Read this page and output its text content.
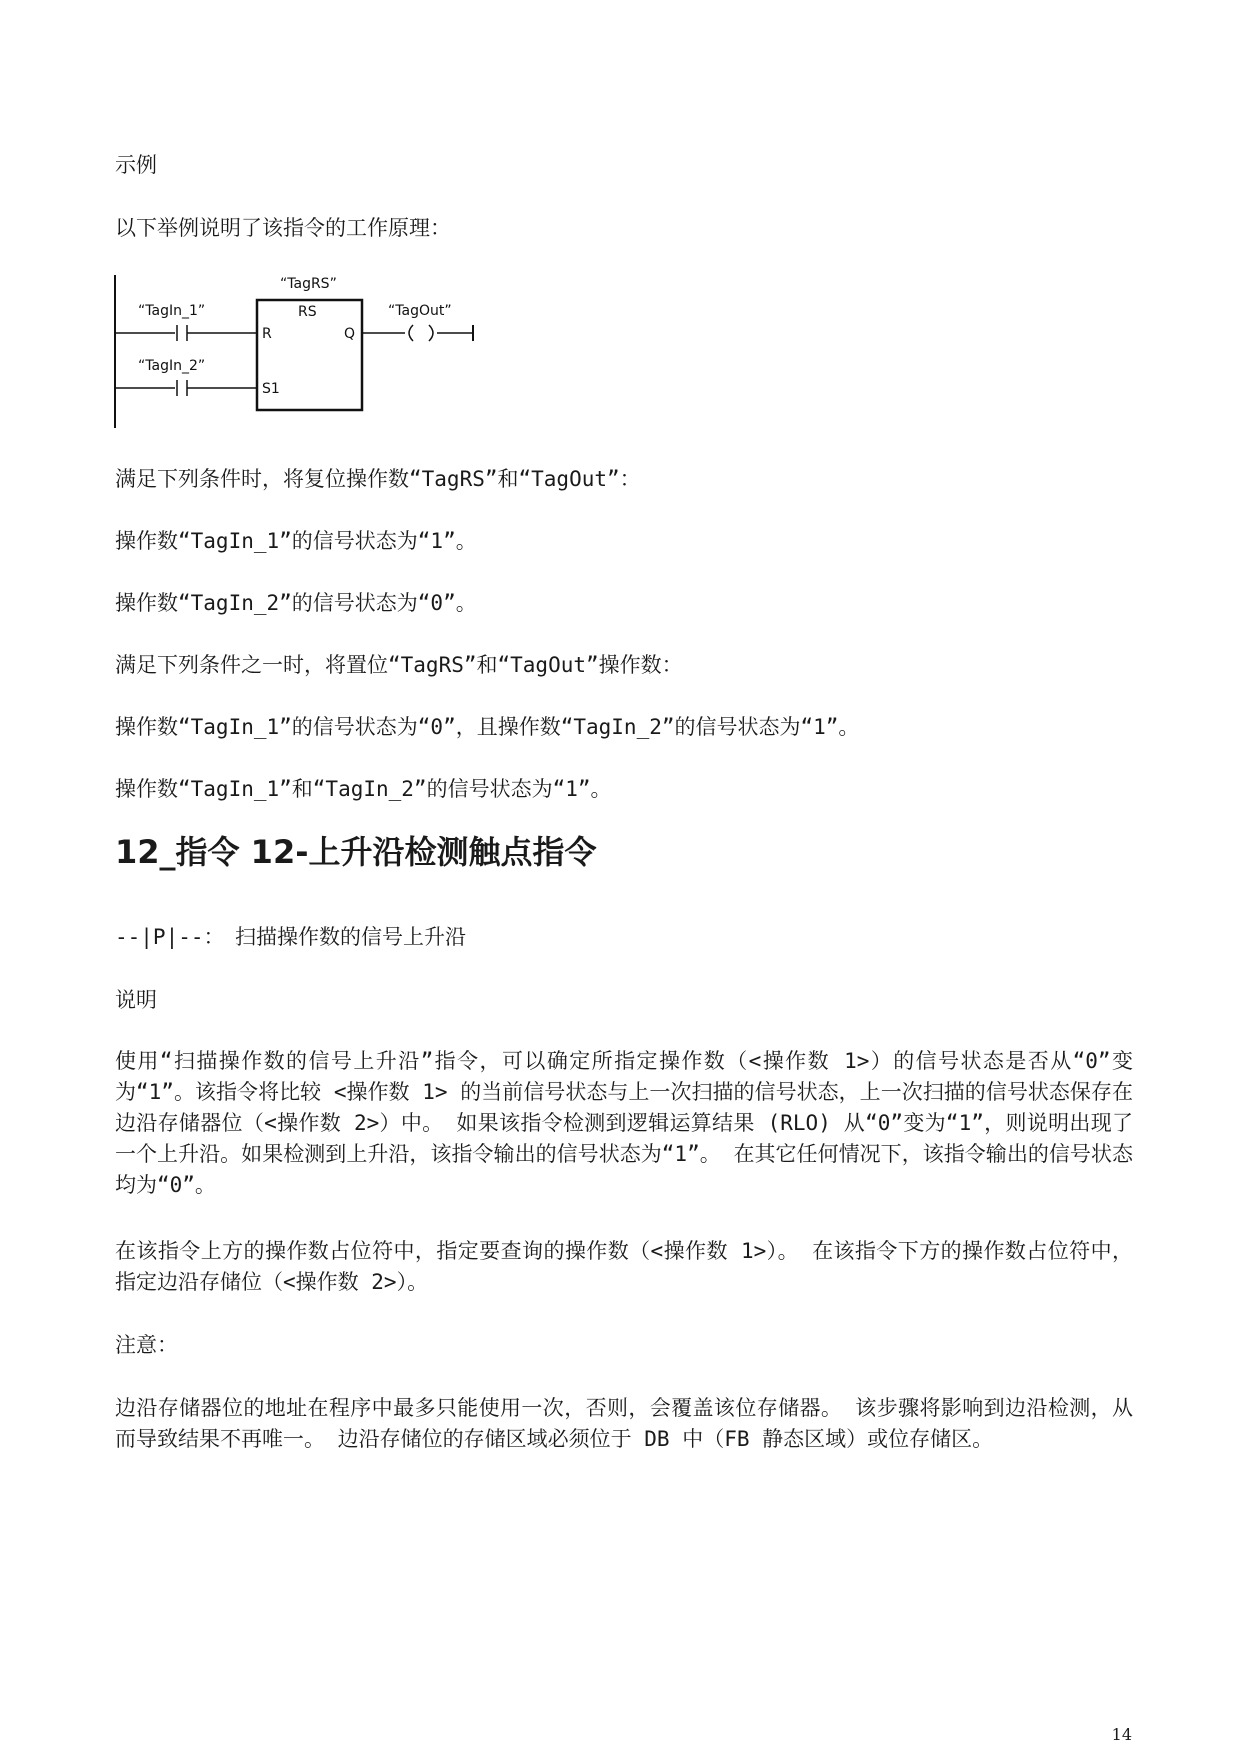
示例

以下举例说明了该指令的工作原理：

“TagRS”
RS
R	Q
S1
“TagIn_1”
“TagIn_2”
“TagOut”

满足下列条件时，将复位操作数“TagRS”和“TagOut”：

操作数“TagIn_1”的信号状态为“1”。

操作数“TagIn_2”的信号状态为“0”。

满足下列条件之一时，将置位“TagRS”和“TagOut”操作数：

操作数“TagIn_1”的信号状态为“0”，且操作数“TagIn_2”的信号状态为“1”。

操作数“TagIn_1”和“TagIn_2”的信号状态为“1”。

12_指令 12-上升沿检测触点指令

--|P|--：　扫描操作数的信号上升沿

说明

使用“扫描操作数的信号上升沿”指令，可以确定所指定操作数（<操作数 1>）的信号状态是否从“0”变为“1”。该指令将比较 <操作数 1> 的当前信号状态与上一次扫描的信号状态，上一次扫描的信号状态保存在边沿存储器位（<操作数 2>）中。 如果该指令检测到逻辑运算结果 (RLO) 从“0”变为“1”，则说明出现了一个上升沿。如果检测到上升沿，该指令输出的信号状态为“1”。 在其它任何情况下，该指令输出的信号状态均为“0”。

在该指令上方的操作数占位符中，指定要查询的操作数（<操作数 1>）。 在该指令下方的操作数占位符中，指定边沿存储位（<操作数 2>）。

注意：

边沿存储器位的地址在程序中最多只能使用一次，否则，会覆盖该位存储器。 该步骤将影响到边沿检测，从而导致结果不再唯一。 边沿存储位的存储区域必须位于 DB 中（FB 静态区域）或位存储区。

14
